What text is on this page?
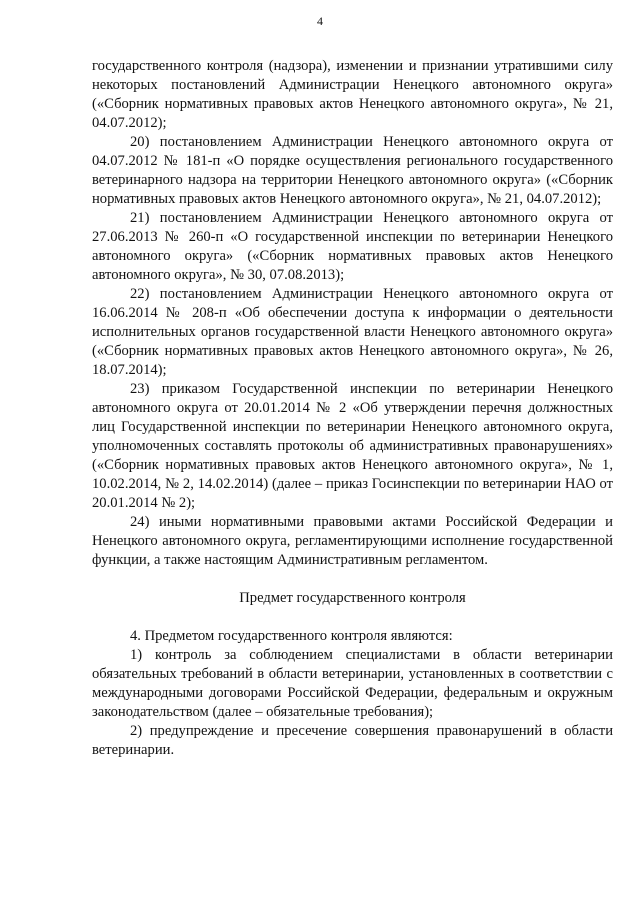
4

государственного контроля (надзора), изменении и признании утратившими силу некоторых постановлений Администрации Ненецкого автономного округа» («Сборник нормативных правовых актов Ненецкого автономного округа», № 21, 04.07.2012);

20) постановлением Администрации Ненецкого автономного округа от 04.07.2012 № 181-п «О порядке осуществления регионального государственного ветеринарного надзора на территории Ненецкого автономного округа» («Сборник нормативных правовых актов Ненецкого автономного округа», № 21, 04.07.2012);

21) постановлением Администрации Ненецкого автономного округа от 27.06.2013 № 260-п «О государственной инспекции по ветеринарии Ненецкого автономного округа» («Сборник нормативных правовых актов Ненецкого автономного округа», № 30, 07.08.2013);

22) постановлением Администрации Ненецкого автономного округа от 16.06.2014 № 208-п «Об обеспечении доступа к информации о деятельности исполнительных органов государственной власти Ненецкого автономного округа» («Сборник нормативных правовых актов Ненецкого автономного округа», № 26, 18.07.2014);

23) приказом Государственной инспекции по ветеринарии Ненецкого автономного округа от 20.01.2014 № 2 «Об утверждении перечня должностных лиц Государственной инспекции по ветеринарии Ненецкого автономного округа, уполномоченных составлять протоколы об административных правонарушениях» («Сборник нормативных правовых актов Ненецкого автономного округа», № 1, 10.02.2014, № 2, 14.02.2014) (далее – приказ Госинспекции по ветеринарии НАО от 20.01.2014 № 2);

24) иными нормативными правовыми актами Российской Федерации и Ненецкого автономного округа, регламентирующими исполнение государственной функции, а также настоящим Административным регламентом.

Предмет государственного контроля

4. Предметом государственного контроля являются:

1) контроль за соблюдением специалистами в области ветеринарии обязательных требований в области ветеринарии, установленных в соответствии с международными договорами Российской Федерации, федеральным и окружным законодательством (далее – обязательные требования);

2) предупреждение и пресечение совершения правонарушений в области ветеринарии.
